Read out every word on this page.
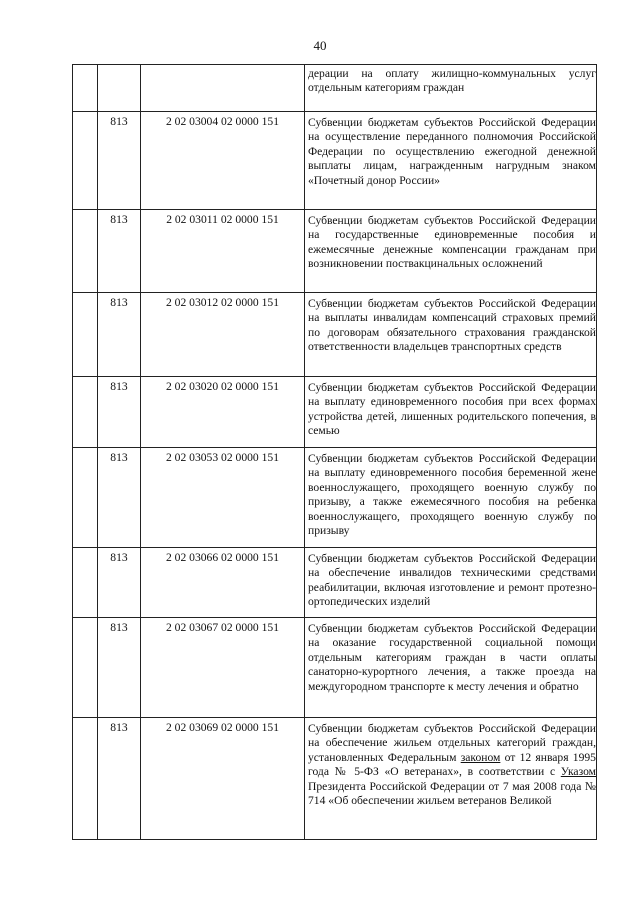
40
			дерации на оплату жилищно-коммунальных услуг отдельным категориям граждан
	813	2 02 03004 02 0000 151	Субвенции бюджетам субъектов Российской Федерации на осуществление переданного полномочия Российской Федерации по осуществлению ежегодной денежной выплаты лицам, награжденным нагрудным знаком «Почетный донор России»
	813	2 02 03011 02 0000 151	Субвенции бюджетам субъектов Российской Федерации на государственные единовременные пособия и ежемесячные денежные компенсации гражданам при возникновении поствакцинальных осложнений
	813	2 02 03012 02 0000 151	Субвенции бюджетам субъектов Российской Федерации на выплаты инвалидам компенсаций страховых премий по договорам обязательного страхования гражданской ответственности владельцев транспортных средств
	813	2 02 03020 02 0000 151	Субвенции бюджетам субъектов Российской Федерации на выплату единовременного пособия при всех формах устройства детей, лишенных родительского попечения, в семью
	813	2 02 03053 02 0000 151	Субвенции бюджетам субъектов Российской Федерации на выплату единовременного пособия беременной жене военнослужащего, проходящего военную службу по призыву, а также ежемесячного пособия на ребенка военнослужащего, проходящего военную службу по призыву
	813	2 02 03066 02 0000 151	Субвенции бюджетам субъектов Российской Федерации на обеспечение инвалидов техническими средствами реабилитации, включая изготовление и ремонт протезно-ортопедических изделий
	813	2 02 03067 02 0000 151	Субвенции бюджетам субъектов Российской Федерации на оказание государственной социальной помощи отдельным категориям граждан в части оплаты санаторно-курортного лечения, а также проезда на междугородном транспорте к месту лечения и обратно
	813	2 02 03069 02 0000 151	Субвенции бюджетам субъектов Российской Федерации на обеспечение жильем отдельных категорий граждан, установленных Федеральным законом от 12 января 1995 года № 5-ФЗ «О ветеранах», в соответствии с Указом Президента Российской Федерации от 7 мая 2008 года № 714 «Об обеспечении жильем ветеранов Великой
